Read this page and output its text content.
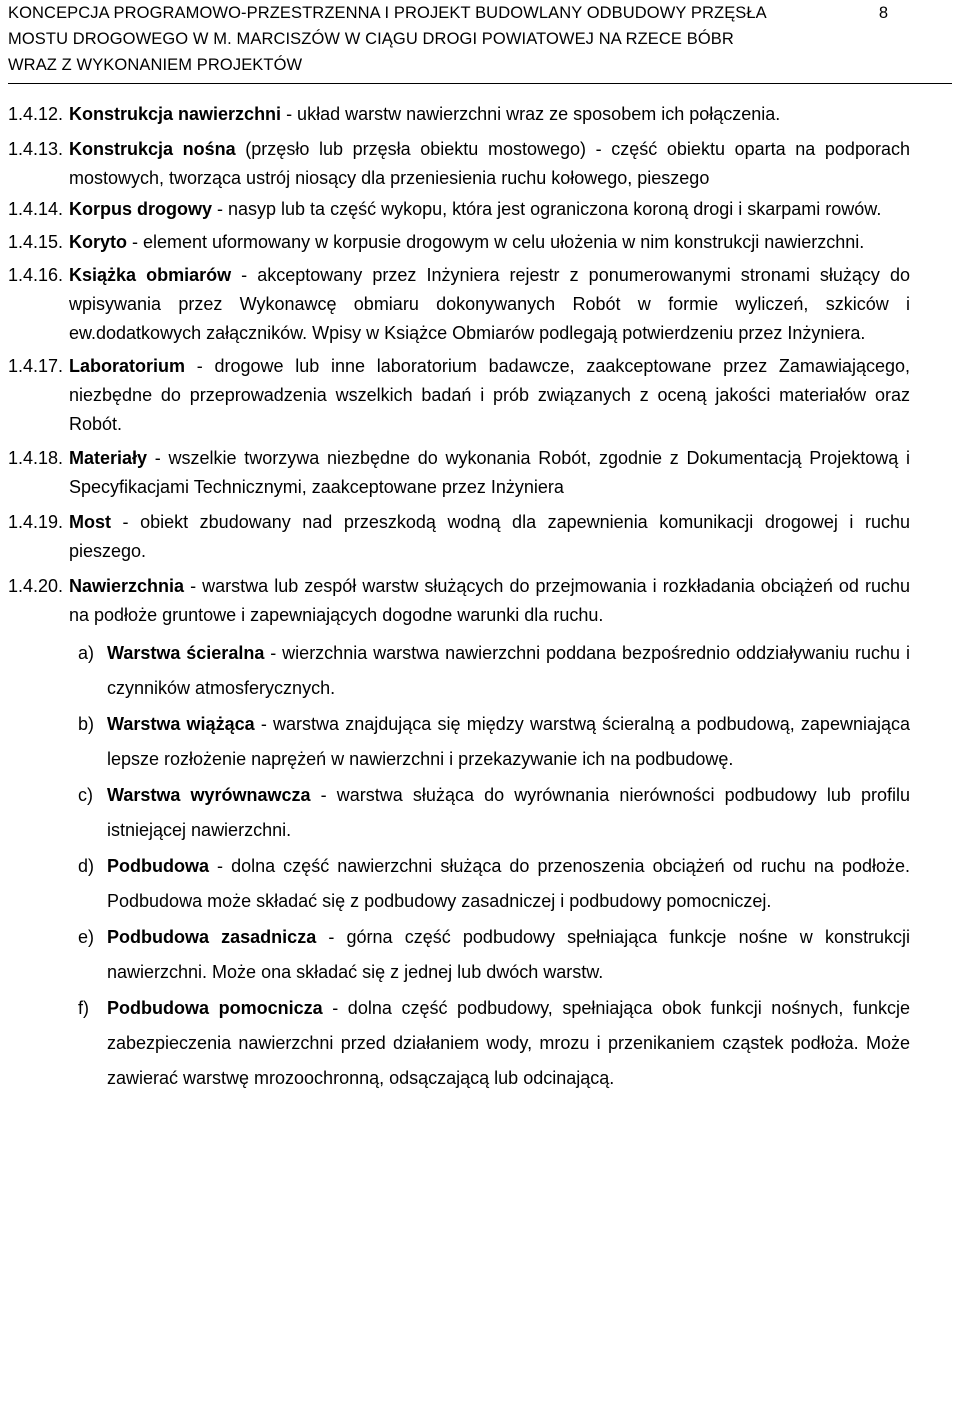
KONCEPCJA PROGRAMOWO-PRZESTRZENNA I PROJEKT BUDOWLANY ODBUDOWY PRZĘSŁA
MOSTU DROGOWEGO W M. MARCISZÓW W CIĄGU DROGI POWIATOWEJ NA RZECE BÓBR
WRAZ Z WYKONANIEM PROJEKTÓW
8
1.4.12. Konstrukcja nawierzchni - układ warstw nawierzchni wraz ze sposobem ich połączenia.
1.4.13. Konstrukcja nośna (przęsło lub przęsła obiektu mostowego) - część obiektu oparta na podporach mostowych, tworząca ustrój niosący dla przeniesienia ruchu kołowego, pieszego
1.4.14. Korpus drogowy - nasyp lub ta część wykopu, która jest ograniczona koroną drogi i skarpami rowów.
1.4.15. Koryto - element uformowany w korpusie drogowym w celu ułożenia w nim konstrukcji nawierzchni.
1.4.16. Książka obmiarów - akceptowany przez Inżyniera rejestr z ponumerowanymi stronami służący do wpisywania przez Wykonawcę obmiaru dokonywanych Robót w formie wyliczeń, szkiców i ew.dodatkowych załączników. Wpisy w Książce Obmiarów podlegają potwierdzeniu przez Inżyniera.
1.4.17. Laboratorium - drogowe lub inne laboratorium badawcze, zaakceptowane przez Zamawiającego, niezbędne do przeprowadzenia wszelkich badań i prób związanych z oceną jakości materiałów oraz Robót.
1.4.18. Materiały - wszelkie tworzywa niezbędne do wykonania Robót, zgodnie z Dokumentacją Projektową i Specyfikacjami Technicznymi, zaakceptowane przez Inżyniera
1.4.19. Most - obiekt zbudowany nad przeszkodą wodną dla zapewnienia komunikacji drogowej i ruchu pieszego.
1.4.20. Nawierzchnia - warstwa lub zespół warstw służących do przejmowania i rozkładania obciążeń od ruchu na podłoże gruntowe i zapewniających dogodne warunki dla ruchu.
a) Warstwa ścieralna - wierzchnia warstwa nawierzchni poddana bezpośrednio oddziaływaniu ruchu i czynników atmosferycznych.
b) Warstwa wiążąca - warstwa znajdująca się między warstwą ścieralną a podbudową, zapewniająca lepsze rozłożenie naprężeń w nawierzchni i przekazywanie ich na podbudowę.
c) Warstwa wyrównawcza - warstwa służąca do wyrównania nierówności podbudowy lub profilu istniejącej nawierzchni.
d) Podbudowa - dolna część nawierzchni służąca do przenoszenia obciążeń od ruchu na podłoże. Podbudowa może składać się z podbudowy zasadniczej i podbudowy pomocniczej.
e) Podbudowa zasadnicza - górna część podbudowy spełniająca funkcje nośne w konstrukcji nawierzchni. Może ona składać się z jednej lub dwóch warstw.
f) Podbudowa pomocnicza - dolna część podbudowy, spełniająca obok funkcji nośnych, funkcje zabezpieczenia nawierzchni przed działaniem wody, mrozu i przenikaniem cząstek podłoża. Może zawierać warstwę mrozoochronną, odsączającą lub odcinającą.
